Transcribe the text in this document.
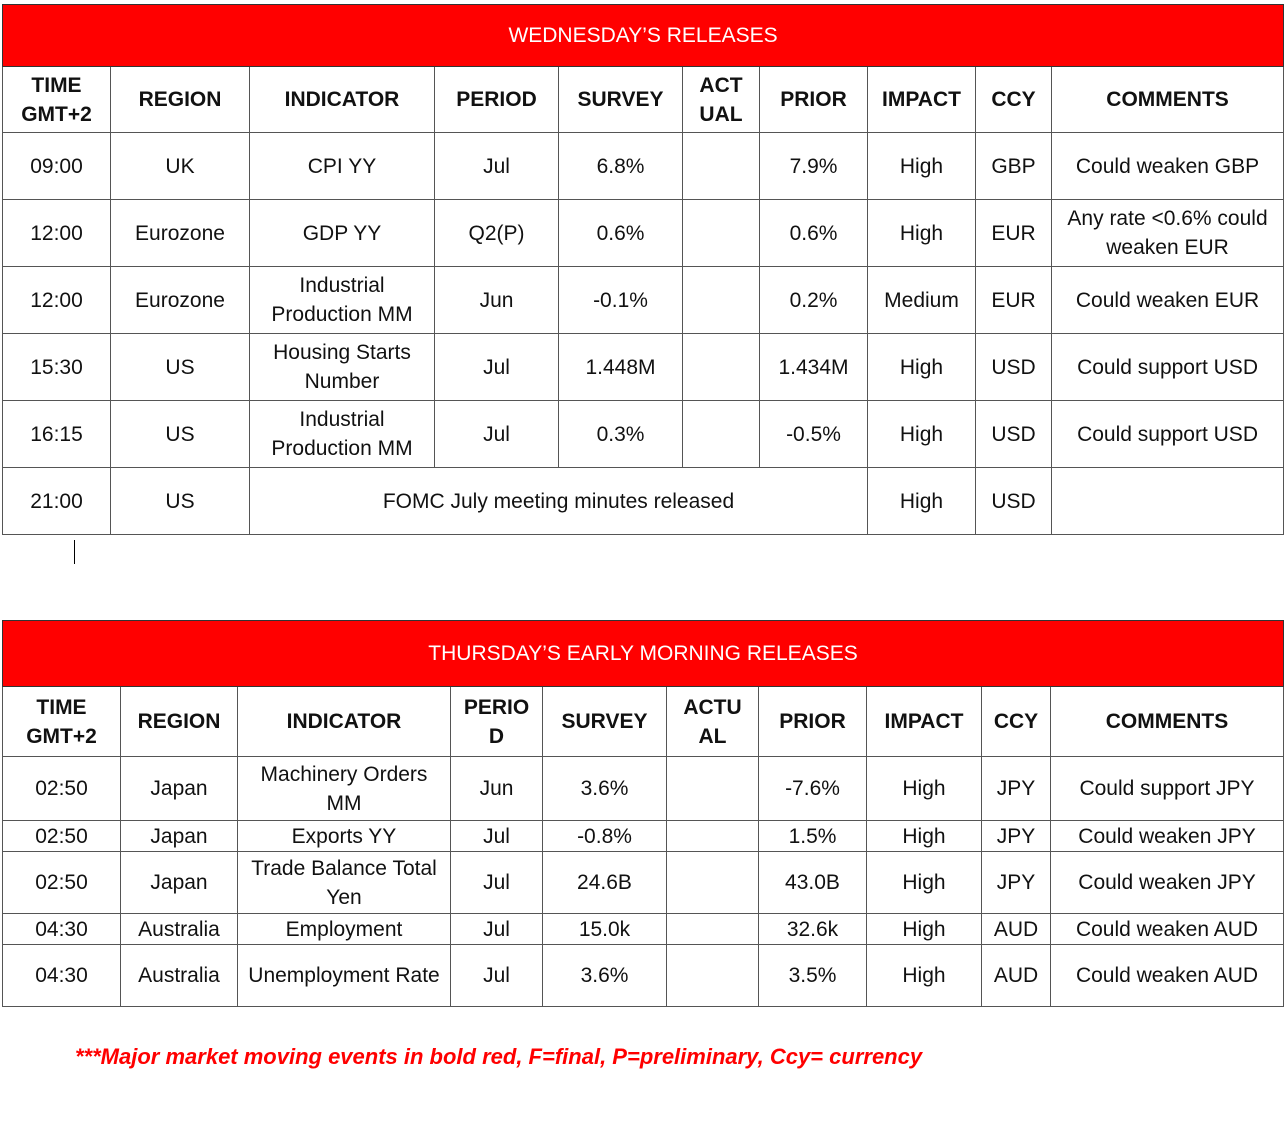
WEDNESDAY’S RELEASES									
TIME GMT+2	REGION	INDICATOR	PERIOD	SURVEY	ACT UAL	PRIOR	IMPACT	CCY	COMMENTS
09:00	UK	CPI YY	Jul	6.8%		7.9%	High	GBP	Could weaken GBP
12:00	Eurozone	GDP YY	Q2(P)	0.6%		0.6%	High	EUR	Any rate <0.6% could weaken EUR
12:00	Eurozone	Industrial Production MM	Jun	-0.1%		0.2%	Medium	EUR	Could weaken EUR
15:30	US	Housing Starts Number	Jul	1.448M		1.434M	High	USD	Could support USD
16:15	US	Industrial Production MM	Jul	0.3%		-0.5%	High	USD	Could support USD
21:00	US	FOMC July meeting minutes released					High	USD	
THURSDAY’S EARLY MORNING RELEASES									
TIME GMT+2	REGION	INDICATOR	PERIO D	SURVEY	ACTU AL	PRIOR	IMPACT	CCY	COMMENTS
02:50	Japan	Machinery Orders MM	Jun	3.6%		-7.6%	High	JPY	Could support JPY
02:50	Japan	Exports YY	Jul	-0.8%		1.5%	High	JPY	Could weaken JPY
02:50	Japan	Trade Balance Total Yen	Jul	24.6B		43.0B	High	JPY	Could weaken JPY
04:30	Australia	Employment	Jul	15.0k		32.6k	High	AUD	Could weaken AUD
04:30	Australia	Unemployment Rate	Jul	3.6%		3.5%	High	AUD	Could weaken AUD
***Major market moving events in bold red, F=final, P=preliminary, Ccy= currency
